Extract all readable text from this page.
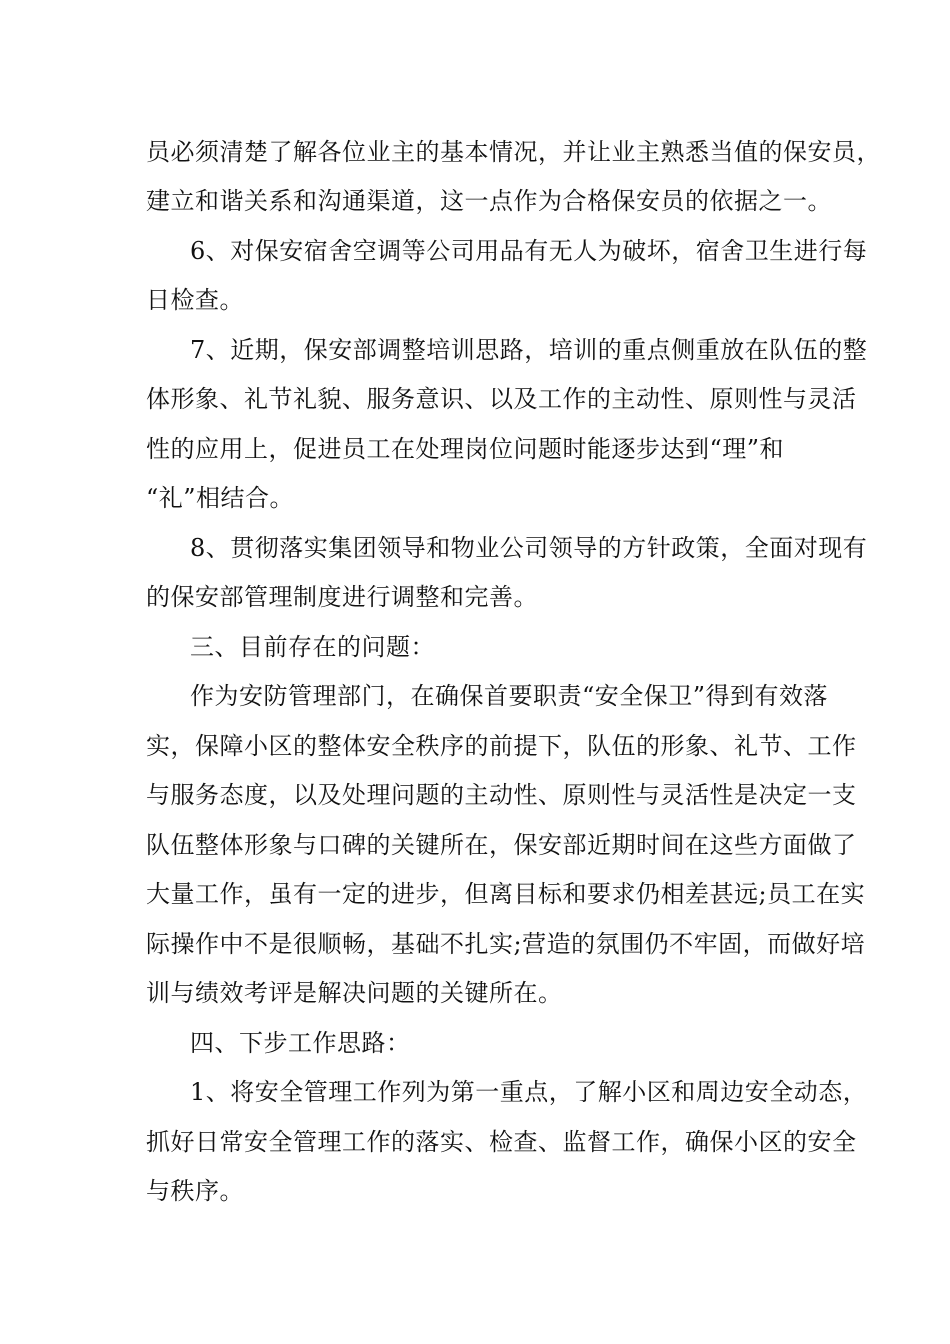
员必须清楚了解各位业主的基本情况，并让业主熟悉当值的保安员，
建立和谐关系和沟通渠道，这一点作为合格保安员的依据之一。
6、对保安宿舍空调等公司用品有无人为破坏，宿舍卫生进行每
日检查。
7、近期，保安部调整培训思路，培训的重点侧重放在队伍的整
体形象、礼节礼貌、服务意识、以及工作的主动性、原则性与灵活
性的应用上，促进员工在处理岗位问题时能逐步达到“理”和
“礼”相结合。
8、贯彻落实集团领导和物业公司领导的方针政策，全面对现有
的保安部管理制度进行调整和完善。
三、目前存在的问题：
作为安防管理部门，在确保首要职责“安全保卫”得到有效落
实，保障小区的整体安全秩序的前提下，队伍的形象、礼节、工作
与服务态度，以及处理问题的主动性、原则性与灵活性是决定一支
队伍整体形象与口碑的关键所在，保安部近期时间在这些方面做了
大量工作，虽有一定的进步，但离目标和要求仍相差甚远;员工在实
际操作中不是很顺畅，基础不扎实;营造的氛围仍不牢固，而做好培
训与绩效考评是解决问题的关键所在。
四、下步工作思路：
1、将安全管理工作列为第一重点，了解小区和周边安全动态，
抓好日常安全管理工作的落实、检查、监督工作，确保小区的安全
与秩序。
